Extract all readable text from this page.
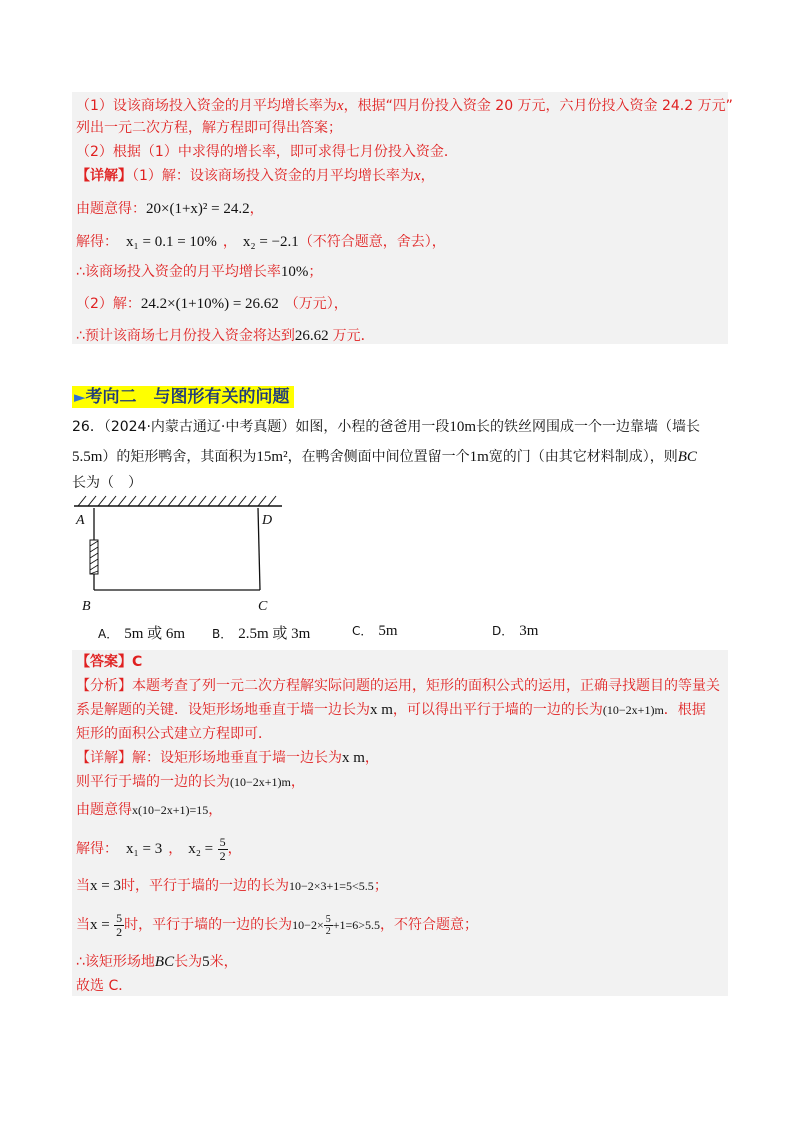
（1）设该商场投入资金的月平均增长率为x，根据“四月份投入资金 20 万元，六月份投入资金 24.2 万元”
列出一元二次方程，解方程即可得出答案；
（2）根据（1）中求得的增长率，即可求得七月份投入资金．
【详解】（1）解：设该商场投入资金的月平均增长率为x，
由题意得：20×(1+x)² = 24.2，
解得： x₁ = 0.1 = 10% ， x₂ = −2.1（不符合题意，舍去），
∴该商场投入资金的月平均增长率10%；
（2）解：24.2×(1+10%) = 26.62 （万元），
∴预计该商场七月份投入资金将达到26.62 万元．
►考向二　与图形有关的问题
26．（2024·内蒙古通辽·中考真题）如图，小程的爸爸用一段10m长的铁丝网围成一个一边靠墙（墙长
5.5m）的矩形鸭舍，其面积为15m²，在鸭舍侧面中间位置留一个1m宽的门（由其它材料制成），则BC
长为（　）
A
B	C
D
A． 5m 或 6m B． 2.5m 或 3m	C． 5m	D． 3m
【答案】C
【分析】本题考查了列一元二次方程解实际问题的运用，矩形的面积公式的运用，正确寻找题目的等量关
系是解题的关键．设矩形场地垂直于墙一边长为x m，可以得出平行于墙的一边的长为(10−2x+1)m．根据
矩形的面积公式建立方程即可．
【详解】解：设矩形场地垂直于墙一边长为x m，
则平行于墙的一边的长为(10−2x+1)m，
由题意得x(10−2x+1)=15，
解得： x₁ = 3 ， $x_2 = \frac{5}{2}$ ，
当x = 3时，平行于墙的一边的长为10−2×3+1=5<5.5；
当$x = \frac{5}{2}$ 时，平行于墙的一边的长为$10-2\times \frac{5}{2} +1=6>5.5$，不符合题意；
∴该矩形场地BC长为5米，
故选 C．
